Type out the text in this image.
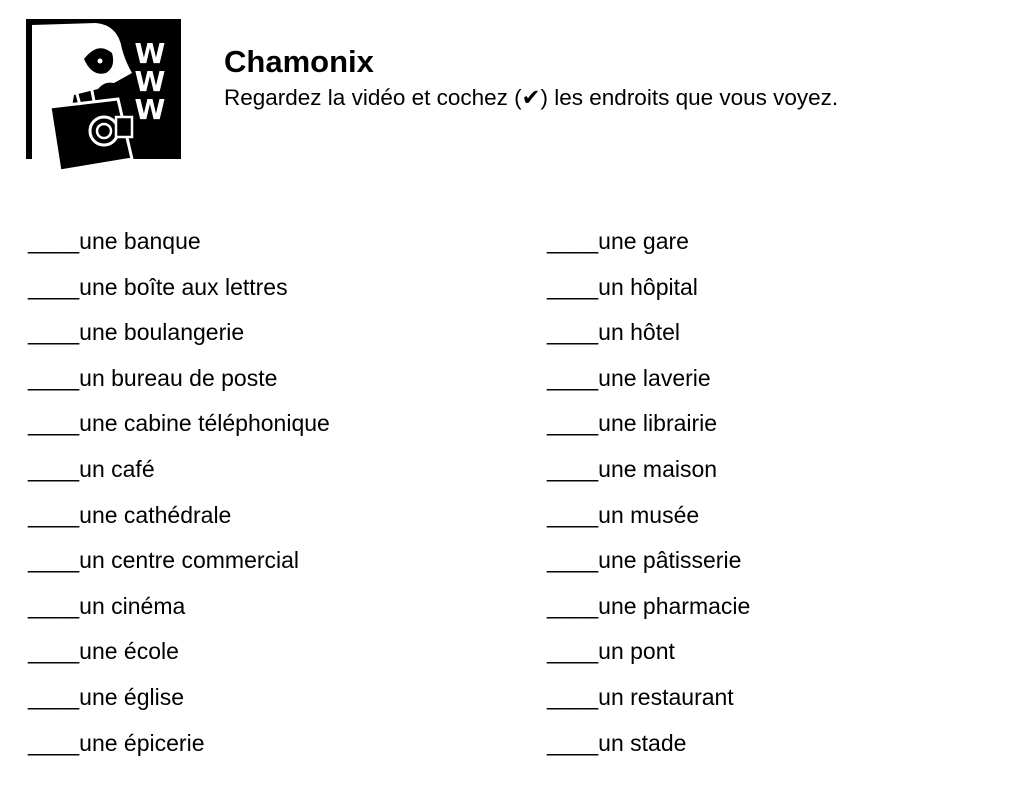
W
W
W
Chamonix
Regardez la vidéo et cochez (✔) les endroits que vous voyez.
____une banque
____une boîte aux lettres
____une boulangerie
____un bureau de poste
____une cabine téléphonique
____un café
____une cathédrale
____un centre commercial
____un cinéma
____une école
____une église
____une épicerie
____une gare
____un hôpital
____un hôtel
____une laverie
____une librairie
____une maison
____un musée
____une pâtisserie
____une pharmacie
____un pont
____un restaurant
____un stade
